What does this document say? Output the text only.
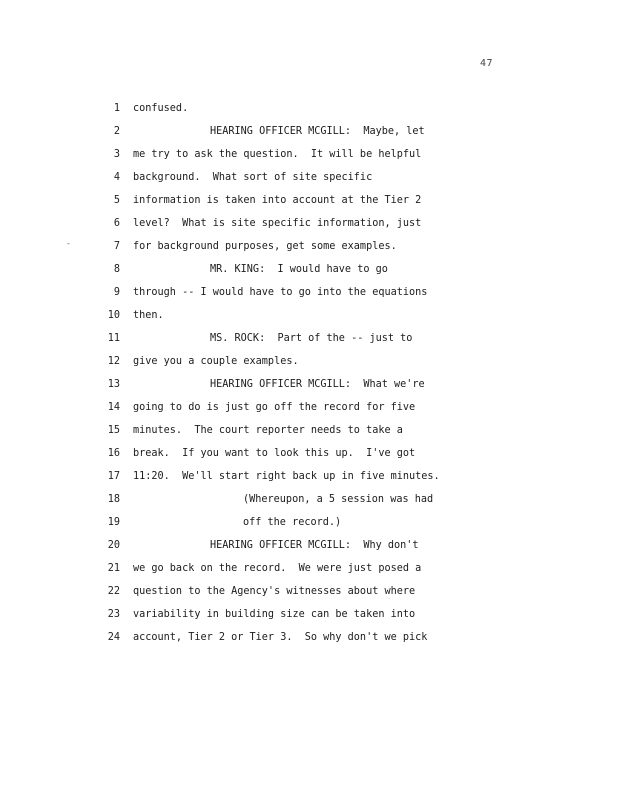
47
-

1

confused.

2

	HEARING OFFICER MCGILL:  Maybe, let

3

me try to ask the question.  It will be helpful

4

background.  What sort of site specific

5

information is taken into account at the Tier 2

6

level?  What is site specific information, just

7

for background purposes, get some examples.

8

	MR. KING:  I would have to go

9

through -- I would have to go into the equations

10

then.

11

	MS. ROCK:  Part of the -- just to

12

give you a couple examples.

13

	HEARING OFFICER MCGILL:  What we're

14

going to do is just go off the record for five

15

minutes.  The court reporter needs to take a

16

break.  If you want to look this up.  I've got

17

11:20.  We'll start right back up in five minutes.

18

	(Whereupon, a 5 session was had

19

	off the record.)

20

	HEARING OFFICER MCGILL:  Why don't

21

we go back on the record.  We were just posed a

22

question to the Agency's witnesses about where

23

variability in building size can be taken into

24

account, Tier 2 or Tier 3.  So why don't we pick
